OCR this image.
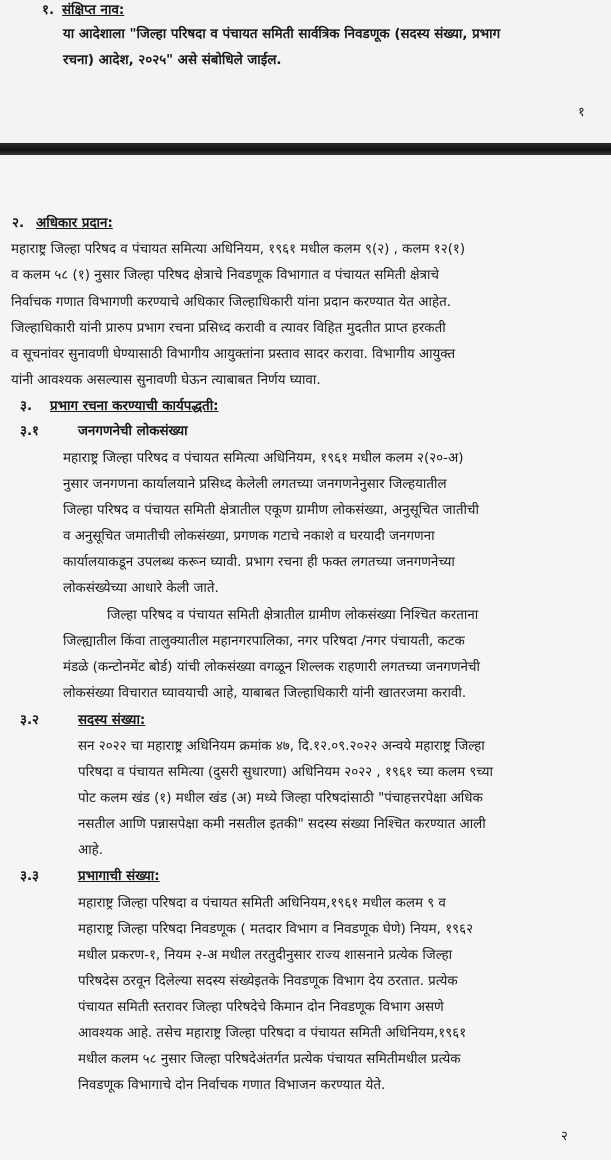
१. संक्षिप्त नाव:
या आदेशाला "जिल्हा परिषदा व पंचायत समिती सार्वत्रिक निवडणूक (सदस्य संख्या, प्रभाग
रचना) आदेश, २०२५" असे संबोधिले जाईल.
१
२. अधिकार प्रदान:
महाराष्ट्र जिल्हा परिषद व पंचायत समित्या अधिनियम, १९६१ मधील कलम ९(२) , कलम १२(१)
व कलम ५८ (१) नुसार जिल्हा परिषद क्षेत्राचे निवडणूक विभागात व पंचायत समिती क्षेत्राचे
निर्वाचक गणात विभागणी करण्याचे अधिकार जिल्हाधिकारी यांना प्रदान करण्यात येत आहेत.
जिल्हाधिकारी यांनी प्रारुप प्रभाग रचना प्रसिध्द करावी व त्यावर विहित मुदतीत प्राप्त हरकती
व सूचनांवर सुनावणी घेण्यासाठी विभागीय आयुक्तांना प्रस्ताव सादर करावा. विभागीय आयुक्त
यांनी आवश्यक असल्यास सुनावणी घेऊन त्याबाबत निर्णय घ्यावा.
३. प्रभाग रचना करण्याची कार्यपद्धती:
३.१	जनगणनेची लोकसंख्या
महाराष्ट्र जिल्हा परिषद व पंचायत समित्या अधिनियम, १९६१ मधील कलम २(२०-अ)
नुसार जनगणना कार्यालयाने प्रसिध्द केलेली लगतच्या जनगणनेनुसार जिल्हयातील
जिल्हा परिषद व पंचायत समिती क्षेत्रातील एकूण ग्रामीण लोकसंख्या, अनुसूचित जातीची
व अनुसूचित जमातीची लोकसंख्या, प्रगणक गटाचे नकाशे व घरयादी जनगणना
कार्यालयाकडून उपलब्ध करून घ्यावी. प्रभाग रचना ही फक्त लगतच्या जनगणनेच्या
लोकसंख्येच्या आधारे केली जाते.
जिल्हा परिषद व पंचायत समिती क्षेत्रातील ग्रामीण लोकसंख्या निश्चित करताना
जिल्ह्यातील किंवा तालुक्यातील महानगरपालिका, नगर परिषदा /नगर पंचायती, कटक
मंडळे (कन्टोनमेंट बोर्ड) यांची लोकसंख्या वगळून शिल्लक राहणारी लगतच्या जनगणनेची
लोकसंख्या विचारात घ्यावयाची आहे, याबाबत जिल्हाधिकारी यांनी खातरजमा करावी.
३.२	सदस्य संख्या:
सन २०२२ चा महाराष्ट्र अधिनियम क्रमांक ४७, दि.१२.०९.२०२२ अन्वये महाराष्ट्र जिल्हा
परिषदा व पंचायत समित्या (दुसरी सुधारणा) अधिनियम २०२२ , १९६१ च्या कलम ९च्या
पोट कलम खंड (१) मधील खंड (अ) मध्ये जिल्हा परिषदांसाठी "पंचाहत्तरपेक्षा अधिक
नसतील आणि पन्नासपेक्षा कमी नसतील इतकी" सदस्य संख्या निश्चित करण्यात आली
आहे.
३.३	प्रभागाची संख्या:
महाराष्ट्र जिल्हा परिषदा व पंचायत समिती अधिनियम,१९६१ मधील कलम ९ व
महाराष्ट्र जिल्हा परिषदा निवडणूक ( मतदार विभाग व निवडणूक घेणे) नियम, १९६२
मधील प्रकरण-१, नियम २-अ मधील तरतुदीनुसार राज्य शासनाने प्रत्येक जिल्हा
परिषदेस ठरवून दिलेल्या सदस्य संख्येइतके निवडणूक विभाग देय ठरतात. प्रत्येक
पंचायत समिती स्तरावर जिल्हा परिषदेचे किमान दोन निवडणूक विभाग असणे
आवश्यक आहे. तसेच महाराष्ट्र जिल्हा परिषदा व पंचायत समिती अधिनियम,१९६१
मधील कलम ५८ नुसार जिल्हा परिषदेअंतर्गत प्रत्येक पंचायत समितीमधील प्रत्येक
निवडणूक विभागाचे दोन निर्वाचक गणात विभाजन करण्यात येते.
२
